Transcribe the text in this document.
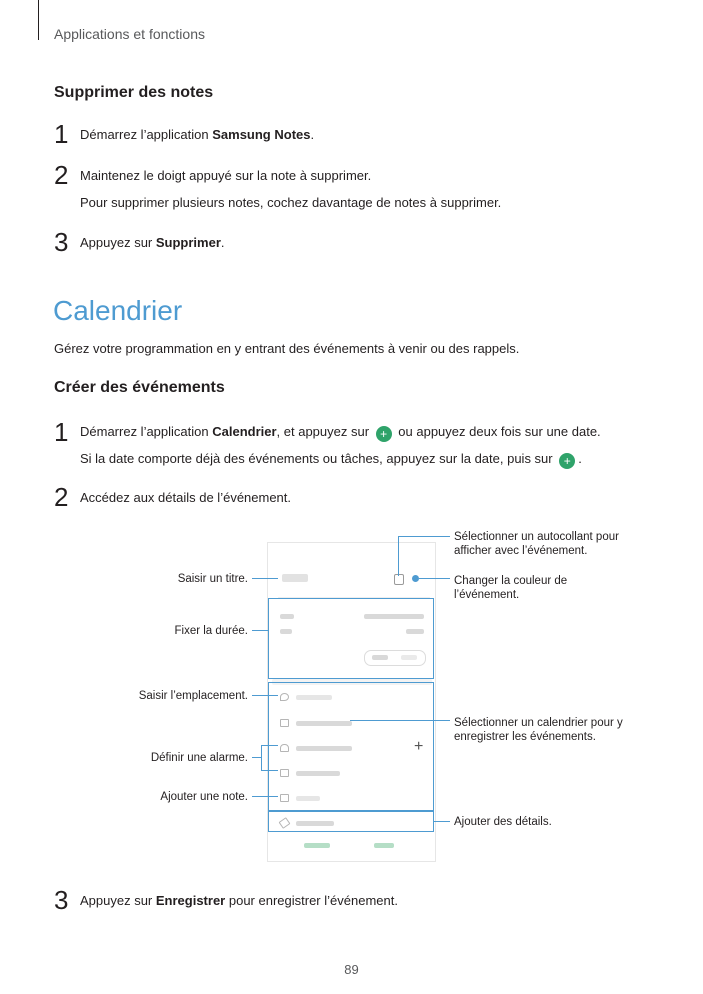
Applications et fonctions
Supprimer des notes
1 Démarrez l’application Samsung Notes.
2 Maintenez le doigt appuyé sur la note à supprimer.
Pour supprimer plusieurs notes, cochez davantage de notes à supprimer.
3 Appuyez sur Supprimer.
Calendrier
Gérez votre programmation en y entrant des événements à venir ou des rappels.
Créer des événements
1 Démarrez l’application Calendrier, et appuyez sur + ou appuyez deux fois sur une date.
Si la date comporte déjà des événements ou tâches, appuyez sur la date, puis sur + .
2 Accédez aux détails de l’événement.
+
Saisir un titre.
Fixer la durée.
Saisir l’emplacement.
Définir une alarme.
Ajouter une note.
Sélectionner un autocollant pour
afficher avec l’événement.
Changer la couleur de
l’événement.
Sélectionner un calendrier pour y
enregistrer les événements.
Ajouter des détails.
3 Appuyez sur Enregistrer pour enregistrer l’événement.
89
